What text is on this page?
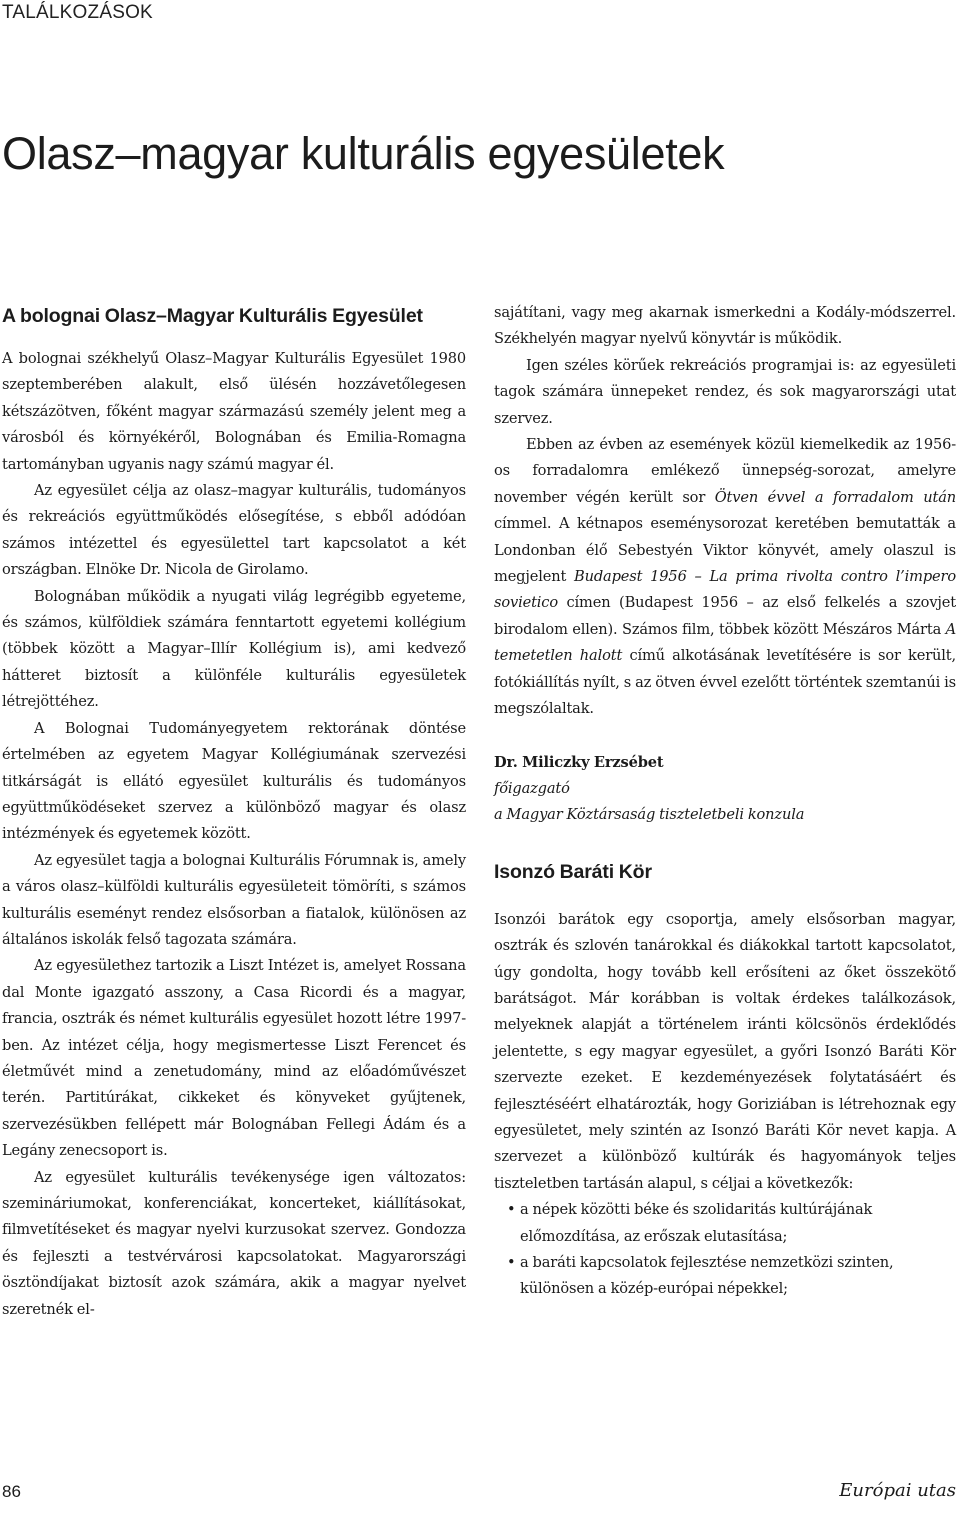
TALÁLKOZÁSOK
Olasz–magyar kulturális egyesületek
A bolognai Olasz–Magyar Kulturális Egyesület

A bolognai székhelyű Olasz–Magyar Kulturális Egyesület 1980 szeptemberében alakult, első ülésén hozzávetőlegesen kétszázötven, főként magyar származású személy jelent meg a városból és környékéről, Bolognában és Emilia-Romagna tartományban ugyanis nagy számú magyar él.

Az egyesület célja az olasz–magyar kulturális, tudományos és rekreációs együttműködés elősegítése, s ebből adódóan számos intézettel és egyesülettel tart kapcsolatot a két országban. Elnöke Dr. Nicola de Girolamo.

Bolognában működik a nyugati világ legrégibb egyeteme, és számos, külföldiek számára fenntartott egyetemi kollégium (többek között a Magyar–Illír Kollégium is), ami kedvező hátteret biztosít a különféle kulturális egyesületek létrejöttéhez.

A Bolognai Tudományegyetem rektorának döntése értelmében az egyetem Magyar Kollégiumának szervezési titkárságát is ellátó egyesület kulturális és tudományos együttműködéseket szervez a különböző magyar és olasz intézmények és egyetemek között.

Az egyesület tagja a bolognai Kulturális Fórumnak is, amely a város olasz–külföldi kulturális egyesületeit tömöríti, s számos kulturális eseményt rendez elsősorban a fiatalok, különösen az általános iskolák felső tagozata számára.

Az egyesülethez tartozik a Liszt Intézet is, amelyet Rossana dal Monte igazgató asszony, a Casa Ricordi és a magyar, francia, osztrák és német kulturális egyesület hozott létre 1997-ben. Az intézet célja, hogy megismertesse Liszt Ferencet és életművét mind a zenetudomány, mind az előadóművészet terén. Partitúrákat, cikkeket és könyveket gyűjtenek, szervezésükben fellépett már Bolognában Fellegi Ádám és a Legány zenecsoport is.

Az egyesület kulturális tevékenysége igen változatos: szemináriumokat, konferenciákat, koncerteket, kiállításokat, filmvetítéseket és magyar nyelvi kurzusokat szervez. Gondozza és fejleszti a testvérvárosi kapcsolatokat. Magyarországi ösztöndíjakat biztosít azok számára, akik a magyar nyelvet szeretnék el-

sajátítani, vagy meg akarnak ismerkedni a Kodály-módszerrel. Székhelyén magyar nyelvű könyvtár is működik.

Igen széles körűek rekreációs programjai is: az egyesületi tagok számára ünnepeket rendez, és sok magyarországi utat szervez.

Ebben az évben az események közül kiemelkedik az 1956-os forradalomra emlékező ünnepség-sorozat, amelyre november végén került sor Ötven évvel a forradalom után címmel. A kétnapos eseménysorozat keretében bemutatták a Londonban élő Sebestyén Viktor könyvét, amely olaszul is megjelent Budapest 1956 – La prima rivolta contro l’impero sovietico címen (Budapest 1956 – az első felkelés a szovjet birodalom ellen). Számos film, többek között Mészáros Márta A temetetlen halott című alkotásának levetítésére is sor került, fotókiállítás nyílt, s az ötven évvel ezelőtt történtek szemtanúi is megszólaltak.

Dr. Miliczky Erzsébet

főigazgató

a Magyar Köztársaság tiszteletbeli konzula

Isonzó Baráti Kör

Isonzói barátok egy csoportja, amely elsősorban magyar, osztrák és szlovén tanárokkal és diákokkal tartott kapcsolatot, úgy gondolta, hogy tovább kell erősíteni az őket összekötő barátságot. Már korábban is voltak érdekes találkozások, melyeknek alapját a történelem iránti kölcsönös érdeklődés jelentette, s egy magyar egyesület, a győri Isonzó Baráti Kör szervezte ezeket. E kezdeményezések folytatásáért és fejlesztéséért elhatározták, hogy Goriziában is létrehoznak egy egyesületet, mely szintén az Isonzó Baráti Kör nevet kapja. A szervezet a különböző kultúrák és hagyományok teljes tiszteletben tartásán alapul, s céljai a következők:

• a népek közötti béke és szolidaritás kultúrájának előmozdítása, az erőszak elutasítása;
• a baráti kapcsolatok fejlesztése nemzetközi szinten, különösen a közép-európai népekkel;
86	Európai utas
